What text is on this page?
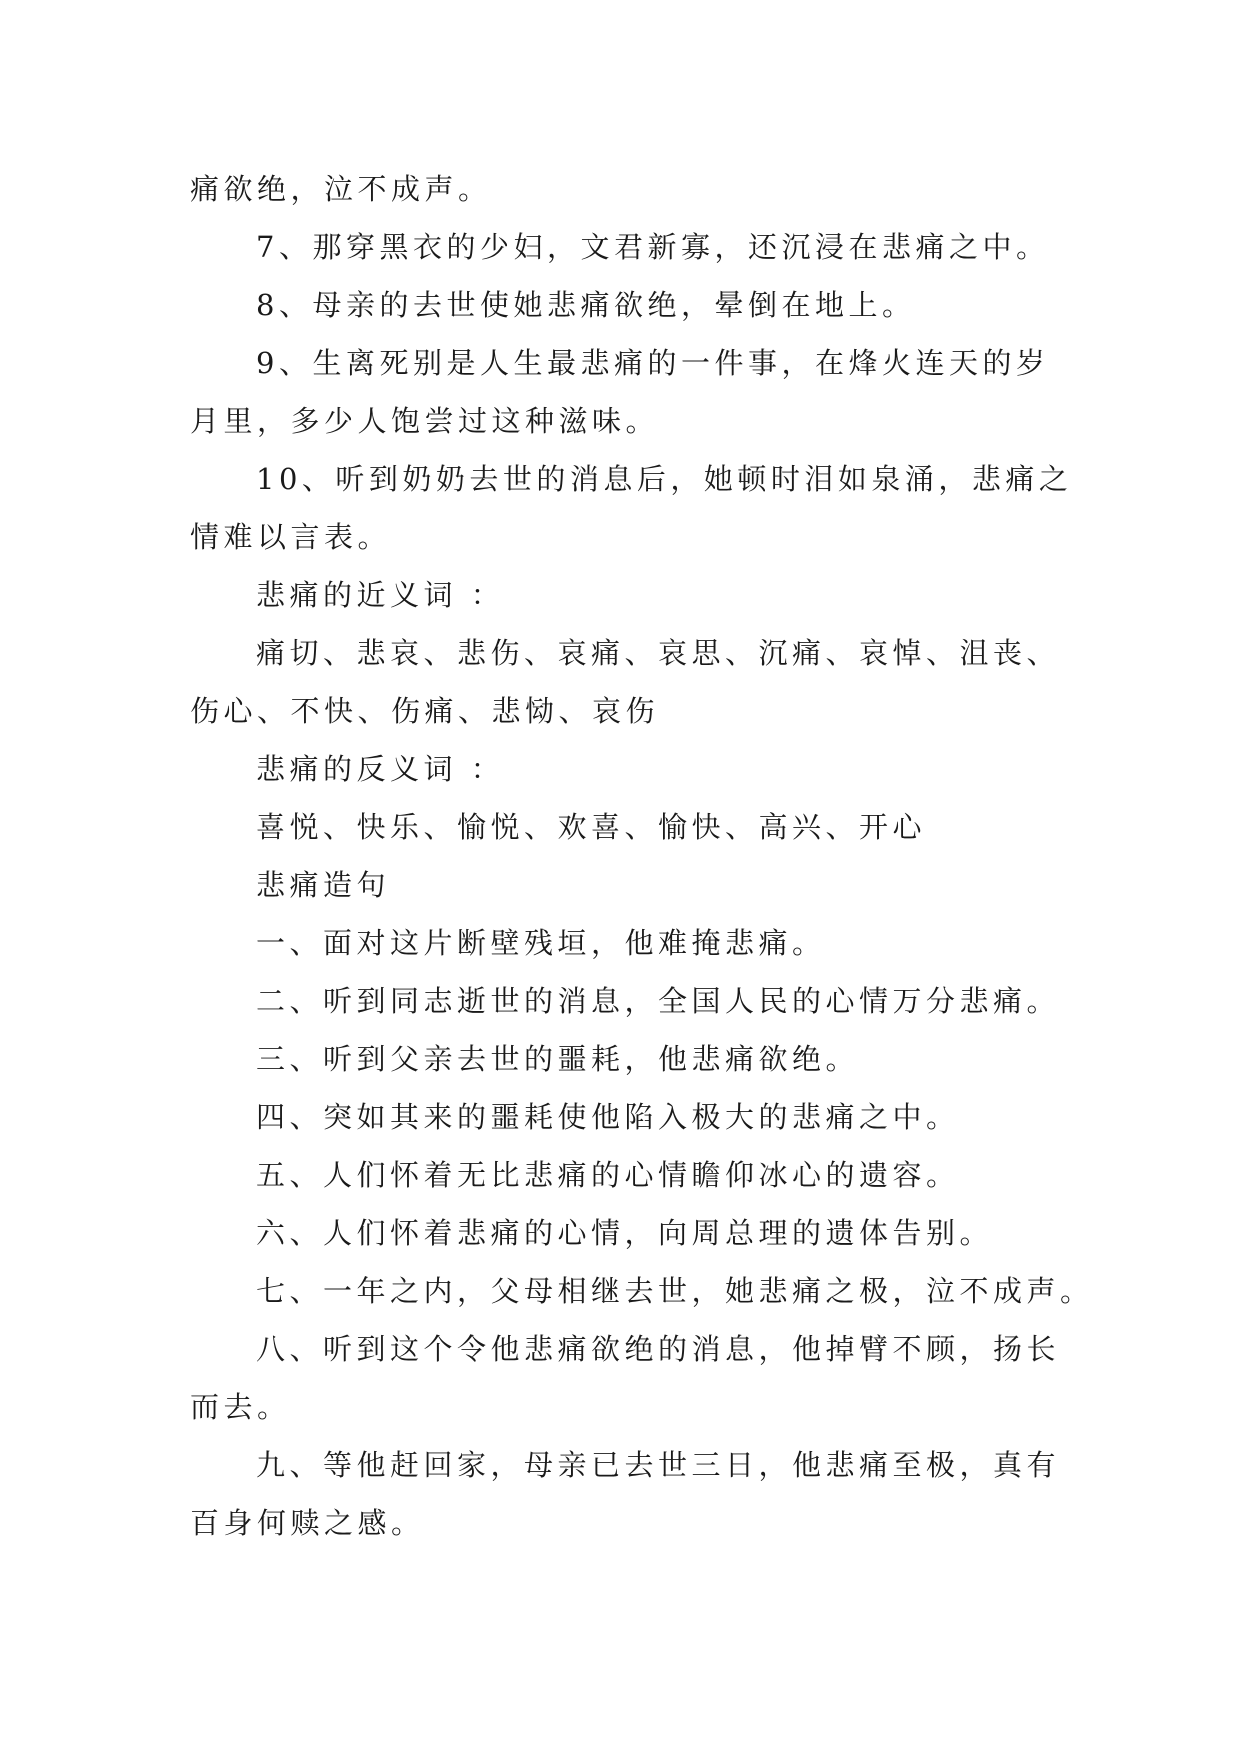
痛欲绝，泣不成声。

7、那穿黑衣的少妇，文君新寡，还沉浸在悲痛之中。

8、母亲的去世使她悲痛欲绝，晕倒在地上。

9、生离死别是人生最悲痛的一件事，在烽火连天的岁

月里，多少人饱尝过这种滋味。

10、听到奶奶去世的消息后，她顿时泪如泉涌，悲痛之

情难以言表。

悲痛的近义词 ：

痛切、悲哀、悲伤、哀痛、哀思、沉痛、哀悼、沮丧、

伤心、不快、伤痛、悲恸、哀伤

悲痛的反义词 ：

喜悦、快乐、愉悦、欢喜、愉快、高兴、开心

悲痛造句

一、面对这片断壁残垣，他难掩悲痛。

二、听到同志逝世的消息，全国人民的心情万分悲痛。

三、听到父亲去世的噩耗，他悲痛欲绝。

四、突如其来的噩耗使他陷入极大的悲痛之中。

五、人们怀着无比悲痛的心情瞻仰冰心的遗容。

六、人们怀着悲痛的心情，向周总理的遗体告别。

七、一年之内，父母相继去世，她悲痛之极，泣不成声。

八、听到这个令他悲痛欲绝的消息，他掉臂不顾，扬长

而去。

九、等他赶回家，母亲已去世三日，他悲痛至极，真有

百身何赎之感。
